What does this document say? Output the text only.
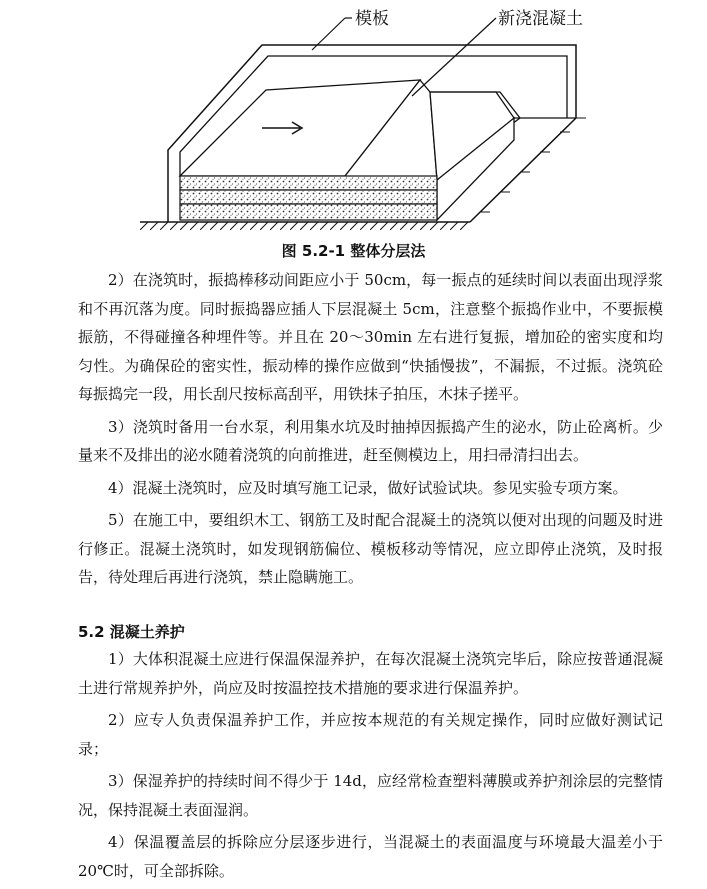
模板	新浇混凝土
图 5.2-1 整体分层法

2）在浇筑时，振捣棒移动间距应小于 50cm，每一振点的延续时间以表面出现浮浆和不再沉落为度。同时振捣器应插人下层混凝土 5cm，注意整个振捣作业中，不要振模振筋，不得碰撞各种埋件等。并且在 20～30min 左右进行复振，增加砼的密实度和均匀性。为确保砼的密实性，振动棒的操作应做到“快插慢拔”，不漏振，不过振。浇筑砼每振捣完一段，用长刮尺按标高刮平，用铁抹子拍压，木抹子搓平。

3）浇筑时备用一台水泵，利用集水坑及时抽掉因振捣产生的泌水，防止砼离析。少量来不及排出的泌水随着浇筑的向前推进，赶至侧模边上，用扫帚清扫出去。

4）混凝土浇筑时，应及时填写施工记录，做好试验试块。参见实验专项方案。

5）在施工中，要组织木工、钢筋工及时配合混凝土的浇筑以便对出现的问题及时进行修正。混凝土浇筑时，如发现钢筋偏位、模板移动等情况，应立即停止浇筑，及时报告，待处理后再进行浇筑，禁止隐瞒施工。

5.2 混凝土养护

1）大体积混凝土应进行保温保湿养护，在每次混凝土浇筑完毕后，除应按普通混凝土进行常规养护外，尚应及时按温控技术措施的要求进行保温养护。

2）应专人负责保温养护工作，并应按本规范的有关规定操作，同时应做好测试记录；

3）保湿养护的持续时间不得少于 14d，应经常检查塑料薄膜或养护剂涂层的完整情况，保持混凝土表面湿润。

4）保温覆盖层的拆除应分层逐步进行，当混凝土的表面温度与环境最大温差小于 20℃时，可全部拆除。
